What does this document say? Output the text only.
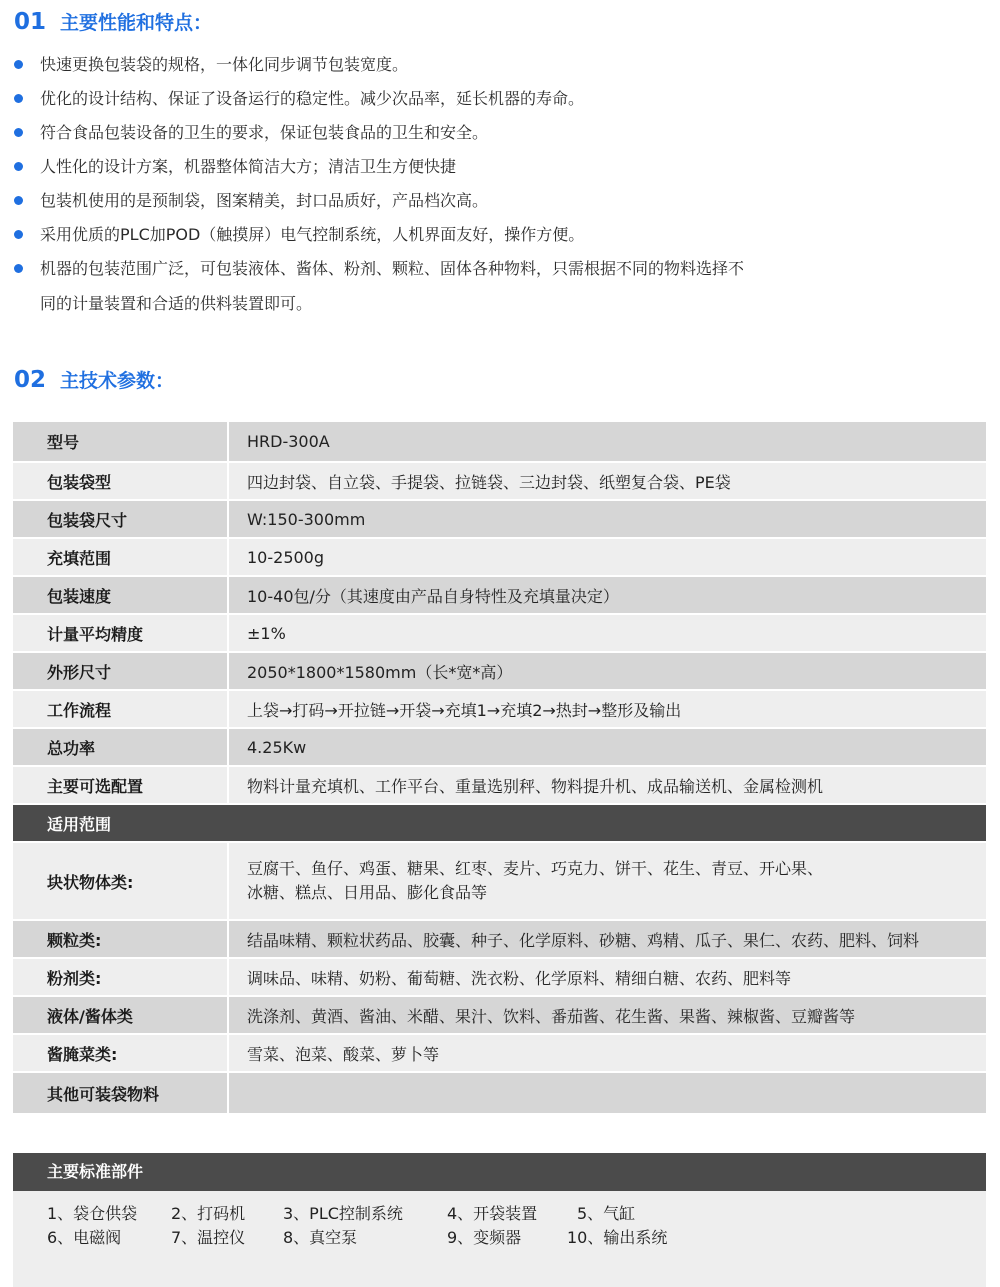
01 主要性能和特点：
快速更换包装袋的规格，一体化同步调节包装宽度。
优化的设计结构、保证了设备运行的稳定性。减少次品率，延长机器的寿命。
符合食品包装设备的卫生的要求，保证包装食品的卫生和安全。
人性化的设计方案，机器整体简洁大方；清洁卫生方便快捷
包装机使用的是预制袋，图案精美，封口品质好，产品档次高。
采用优质的PLC加POD（触摸屏）电气控制系统，人机界面友好，操作方便。
机器的包装范围广泛，可包装液体、酱体、粉剂、颗粒、固体各种物料，只需根据不同的物料选择不
同的计量装置和合适的供料装置即可。
02 主技术参数：
型号	HRD-300A
包装袋型	四边封袋、自立袋、手提袋、拉链袋、三边封袋、纸塑复合袋、PE袋
包装袋尺寸	W:150-300mm
充填范围	10-2500g
包装速度	10-40包/分（其速度由产品自身特性及充填量决定）
计量平均精度	±1%
外形尺寸	2050*1800*1580mm（长*宽*高）
工作流程	上袋→打码→开拉链→开袋→充填1→充填2→热封→整形及输出
总功率	4.25Kw
主要可选配置	物料计量充填机、工作平台、重量选别秤、物料提升机、成品输送机、金属检测机
适用范围	
块状物体类:	豆腐干、鱼仔、鸡蛋、糖果、红枣、麦片、巧克力、饼干、花生、青豆、开心果、
冰糖、糕点、日用品、膨化食品等

颗粒类:	结晶味精、颗粒状药品、胶囊、种子、化学原料、砂糖、鸡精、瓜子、果仁、农药、肥料、饲料
粉剂类:	调味品、味精、奶粉、葡萄糖、洗衣粉、化学原料、精细白糖、农药、肥料等
液体/酱体类	洗涤剂、黄酒、酱油、米醋、果汁、饮料、番茄酱、花生酱、果酱、辣椒酱、豆瓣酱等
酱腌菜类:	雪菜、泡菜、酸菜、萝卜等
其他可装袋物料	
主要标准部件
1、袋仓供袋 2、打码机 3、PLC控制系统	4、开袋装置 5、气缸
6、电磁阀	7、温控仪 8、真空泵	9、变频器	10、输出系统
